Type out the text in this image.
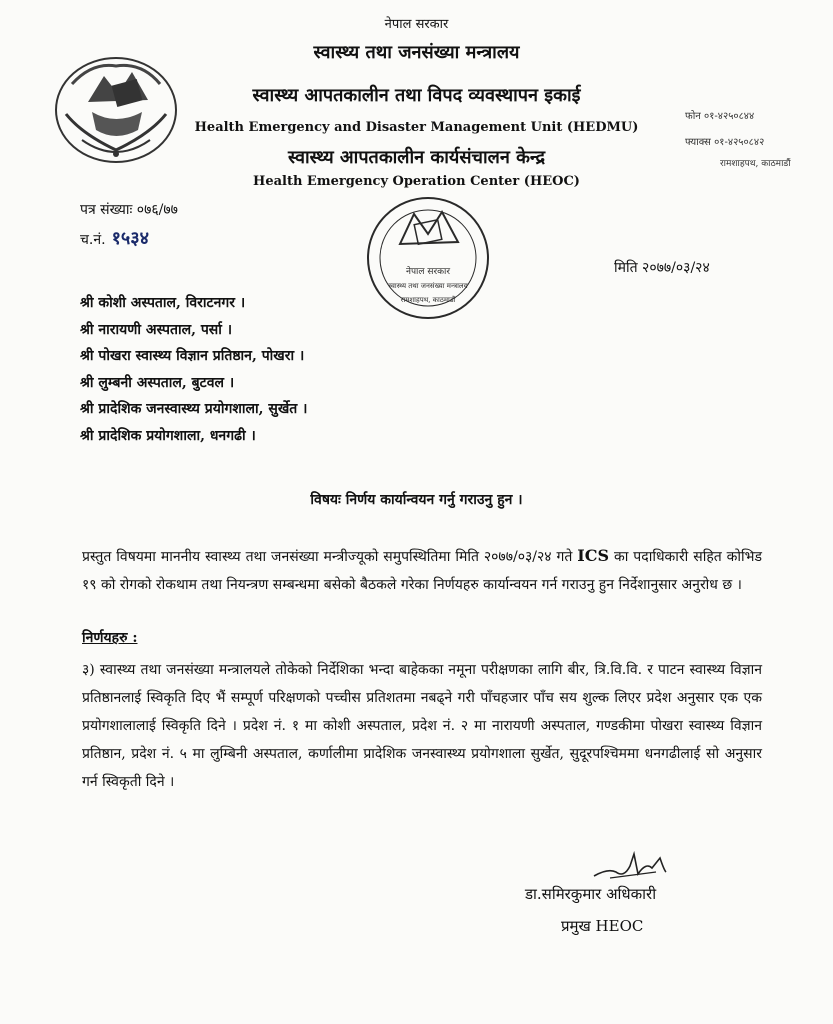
नेपाल सरकार
स्वास्थ्य तथा जनसंख्या मन्त्रालय
स्वास्थ्य आपतकालीन तथा विपद व्यवस्थापन इकाई
Health Emergency and Disaster Management Unit (HEDMU)
स्वास्थ्य आपतकालीन कार्यसंचालन केन्द्र
Health Emergency Operation Center (HEOC)
फोन ०१-४२५०८४४
फ्याक्स ०१-४२५०८४२
रामशाहपथ, काठमाडौं
पत्र संख्याः ०७६/७७
च.नं. १५३४
नेपाल सरकार
स्वास्थ्य तथा जनसंख्या मन्त्रालय
रामशाहपथ, काठमाडौं
मिति २०७७/०३/२४
श्री कोशी अस्पताल, विराटनगर ।
श्री नारायणी अस्पताल, पर्सा ।
श्री पोखरा स्वास्थ्य विज्ञान प्रतिष्ठान, पोखरा ।
श्री लुम्बनी अस्पताल, बुटवल ।
श्री प्रादेशिक जनस्वास्थ्य प्रयोगशाला, सुर्खेत ।
श्री प्रादेशिक प्रयोगशाला, धनगढी ।
विषयः निर्णय कार्यान्वयन गर्नु गराउनु हुन ।
प्रस्तुत विषयमा माननीय स्वास्थ्य तथा जनसंख्या मन्त्रीज्यूको समुपस्थितिमा मिति २०७७/०३/२४ गते ICS का पदाधिकारी सहित कोभिड १९ को रोगको रोकथाम तथा नियन्त्रण सम्बन्धमा बसेको बैठकले गरेका निर्णयहरु कार्यान्वयन गर्न गराउनु हुन निर्देशानुसार अनुरोध छ ।
निर्णयहरु :
३) स्वास्थ्य तथा जनसंख्या मन्त्रालयले तोकेको निर्देशिका भन्दा बाहेकका नमूना परीक्षणका लागि बीर, त्रि.वि.वि. र पाटन स्वास्थ्य विज्ञान प्रतिष्ठानलाई स्विकृति दिए भैं सम्पूर्ण परिक्षणको पच्चीस प्रतिशतमा नबढ्ने गरी पाँचहजार पाँच सय शुल्क लिएर प्रदेश अनुसार एक एक प्रयोगशालालाई स्विकृति दिने । प्रदेश नं. १ मा कोशी अस्पताल, प्रदेश नं. २ मा नारायणी अस्पताल, गण्डकीमा पोखरा स्वास्थ्य विज्ञान प्रतिष्ठान, प्रदेश नं. ५ मा लुम्बिनी अस्पताल, कर्णालीमा प्रादेशिक जनस्वास्थ्य प्रयोगशाला सुर्खेत, सुदूरपश्चिममा धनगढीलाई सो अनुसार गर्न स्विकृती दिने ।
डा.समिरकुमार अधिकारी
प्रमुख HEOC
